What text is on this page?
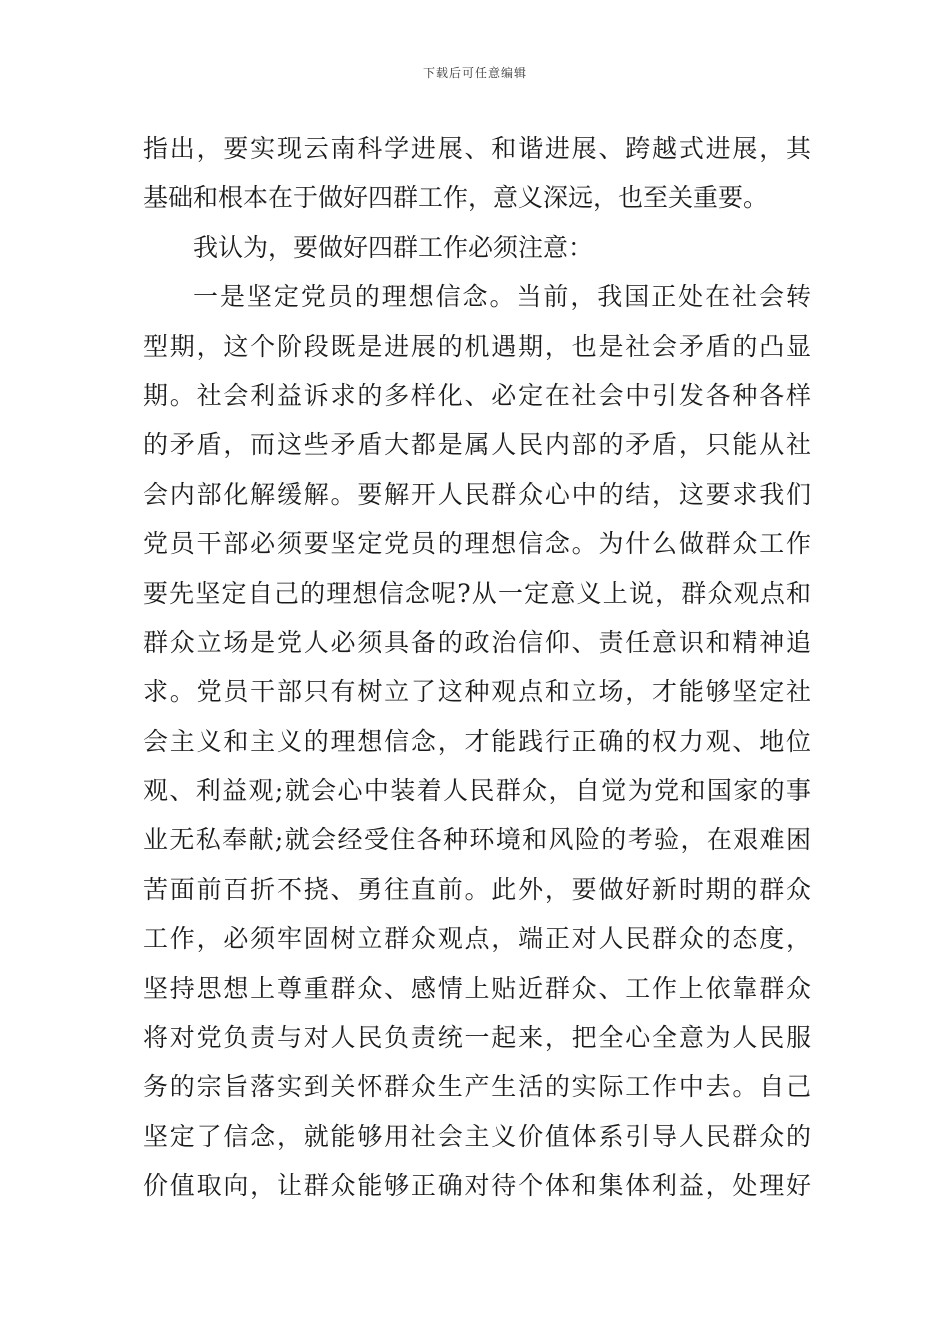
下载后可任意编辑
指出，要实现云南科学进展、和谐进展、跨越式进展，其
基础和根本在于做好四群工作，意义深远，也至关重要。
我认为，要做好四群工作必须注意：
一是坚定党员的理想信念。当前，我国正处在社会转
型期，这个阶段既是进展的机遇期，也是社会矛盾的凸显
期。社会利益诉求的多样化、必定在社会中引发各种各样
的矛盾，而这些矛盾大都是属人民内部的矛盾，只能从社
会内部化解缓解。要解开人民群众心中的结，这要求我们
党员干部必须要坚定党员的理想信念。为什么做群众工作
要先坚定自己的理想信念呢?从一定意义上说，群众观点和
群众立场是党人必须具备的政治信仰、责任意识和精神追
求。党员干部只有树立了这种观点和立场，才能够坚定社
会主义和主义的理想信念，才能践行正确的权力观、地位
观、利益观;就会心中装着人民群众，自觉为党和国家的事
业无私奉献;就会经受住各种环境和风险的考验，在艰难困
苦面前百折不挠、勇往直前。此外，要做好新时期的群众
工作，必须牢固树立群众观点，端正对人民群众的态度，
坚持思想上尊重群众、感情上贴近群众、工作上依靠群众
将对党负责与对人民负责统一起来，把全心全意为人民服
务的宗旨落实到关怀群众生产生活的实际工作中去。自己
坚定了信念，就能够用社会主义价值体系引导人民群众的
价值取向，让群众能够正确对待个体和集体利益，处理好
